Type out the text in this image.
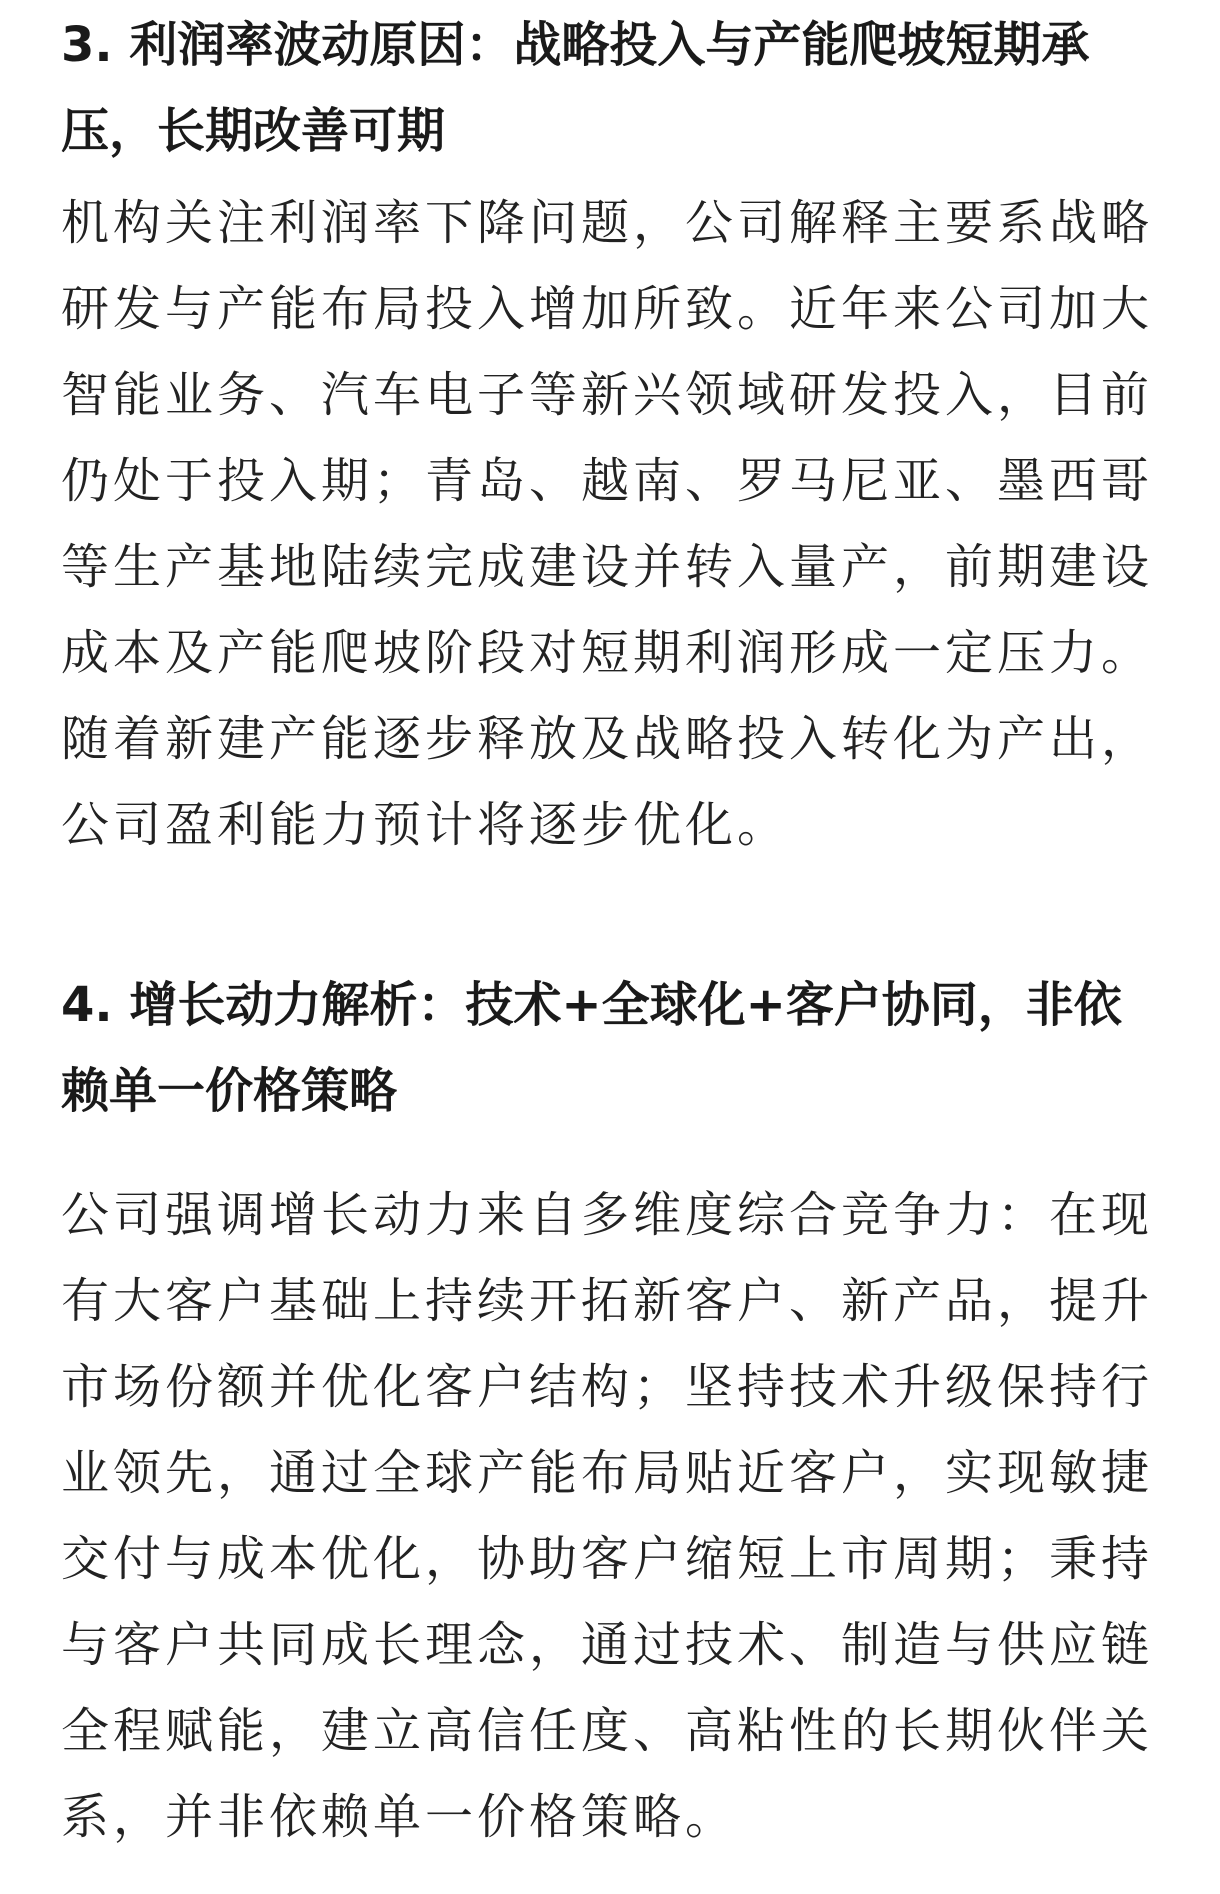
3. 利润率波动原因：战略投入与产能爬坡短期承
压，长期改善可期
机构关注利润率下降问题，公司解释主要系战略
研发与产能布局投入增加所致。近年来公司加大
智能业务、汽车电子等新兴领域研发投入，目前
仍处于投入期；青岛、越南、罗马尼亚、墨西哥
等生产基地陆续完成建设并转入量产，前期建设
成本及产能爬坡阶段对短期利润形成一定压力。
随着新建产能逐步释放及战略投入转化为产出，
公司盈利能力预计将逐步优化。
4. 增长动力解析：技术+全球化+客户协同，非依
赖单一价格策略
公司强调增长动力来自多维度综合竞争力：在现
有大客户基础上持续开拓新客户、新产品，提升
市场份额并优化客户结构；坚持技术升级保持行
业领先，通过全球产能布局贴近客户，实现敏捷
交付与成本优化，协助客户缩短上市周期；秉持
与客户共同成长理念，通过技术、制造与供应链
全程赋能，建立高信任度、高粘性的长期伙伴关
系，并非依赖单一价格策略。
